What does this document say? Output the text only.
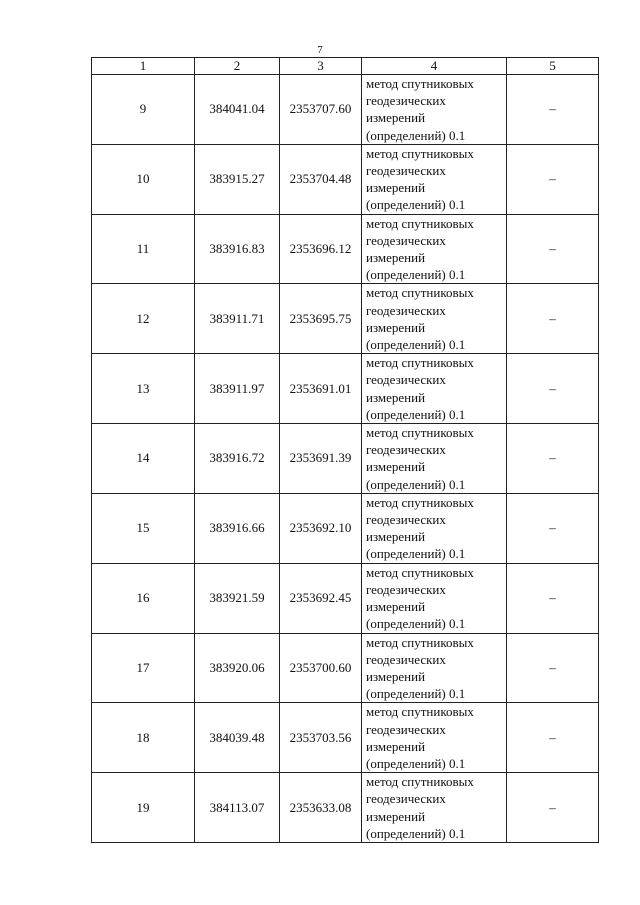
7
1	2	3	4	5
9	384041.04	2353707.60	метод спутниковых геодезических измерений (определений) 0.1	–
10	383915.27	2353704.48	метод спутниковых геодезических измерений (определений) 0.1	–
11	383916.83	2353696.12	метод спутниковых геодезических измерений (определений) 0.1	–
12	383911.71	2353695.75	метод спутниковых геодезических измерений (определений) 0.1	–
13	383911.97	2353691.01	метод спутниковых геодезических измерений (определений) 0.1	–
14	383916.72	2353691.39	метод спутниковых геодезических измерений (определений) 0.1	–
15	383916.66	2353692.10	метод спутниковых геодезических измерений (определений) 0.1	–
16	383921.59	2353692.45	метод спутниковых геодезических измерений (определений) 0.1	–
17	383920.06	2353700.60	метод спутниковых геодезических измерений (определений) 0.1	–
18	384039.48	2353703.56	метод спутниковых геодезических измерений (определений) 0.1	–
19	384113.07	2353633.08	метод спутниковых геодезических измерений (определений) 0.1	–
